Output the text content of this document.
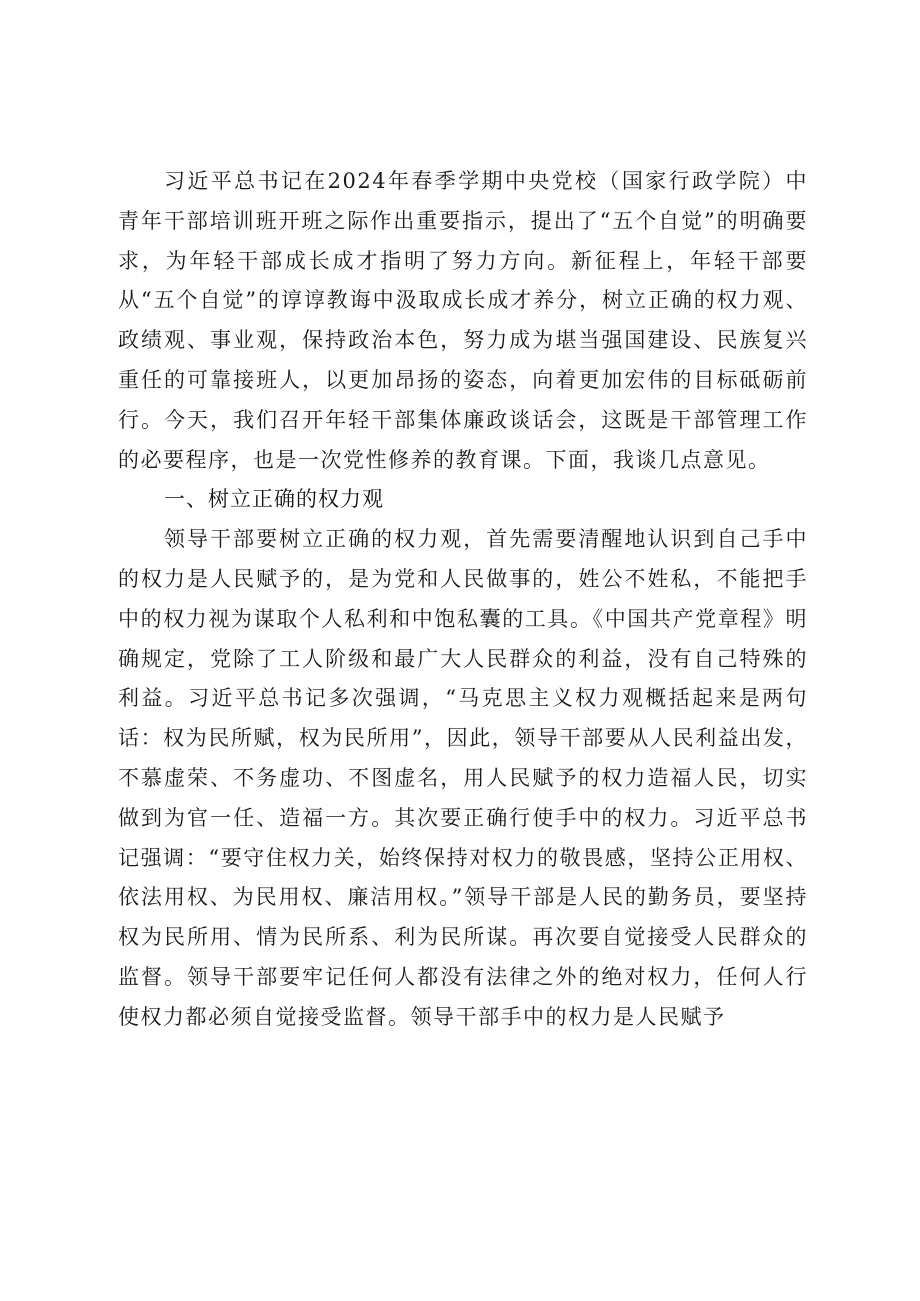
习近平总书记在2024年春季学期中央党校（国家行政学院）中青年干部培训班开班之际作出重要指示，提出了“五个自觉”的明确要求，为年轻干部成长成才指明了努力方向。新征程上，年轻干部要从“五个自觉”的谆谆教诲中汲取成长成才养分，树立正确的权力观、政绩观、事业观，保持政治本色，努力成为堪当强国建设、民族复兴重任的可靠接班人，以更加昂扬的姿态，向着更加宏伟的目标砥砺前行。今天，我们召开年轻干部集体廉政谈话会，这既是干部管理工作的必要程序，也是一次党性修养的教育课。下面，我谈几点意见。

一、树立正确的权力观

领导干部要树立正确的权力观，首先需要清醒地认识到自己手中的权力是人民赋予的，是为党和人民做事的，姓公不姓私，不能把手中的权力视为谋取个人私利和中饱私囊的工具。《中国共产党章程》明确规定，党除了工人阶级和最广大人民群众的利益，没有自己特殊的利益。习近平总书记多次强调，“马克思主义权力观概括起来是两句话：权为民所赋，权为民所用”，因此，领导干部要从人民利益出发，不慕虚荣、不务虚功、不图虚名，用人民赋予的权力造福人民，切实做到为官一任、造福一方。其次要正确行使手中的权力。习近平总书记强调：“要守住权力关，始终保持对权力的敬畏感，坚持公正用权、依法用权、为民用权、廉洁用权。”领导干部是人民的勤务员，要坚持权为民所用、情为民所系、利为民所谋。再次要自觉接受人民群众的监督。领导干部要牢记任何人都没有法律之外的绝对权力，任何人行使权力都必须自觉接受监督。领导干部手中的权力是人民赋予
